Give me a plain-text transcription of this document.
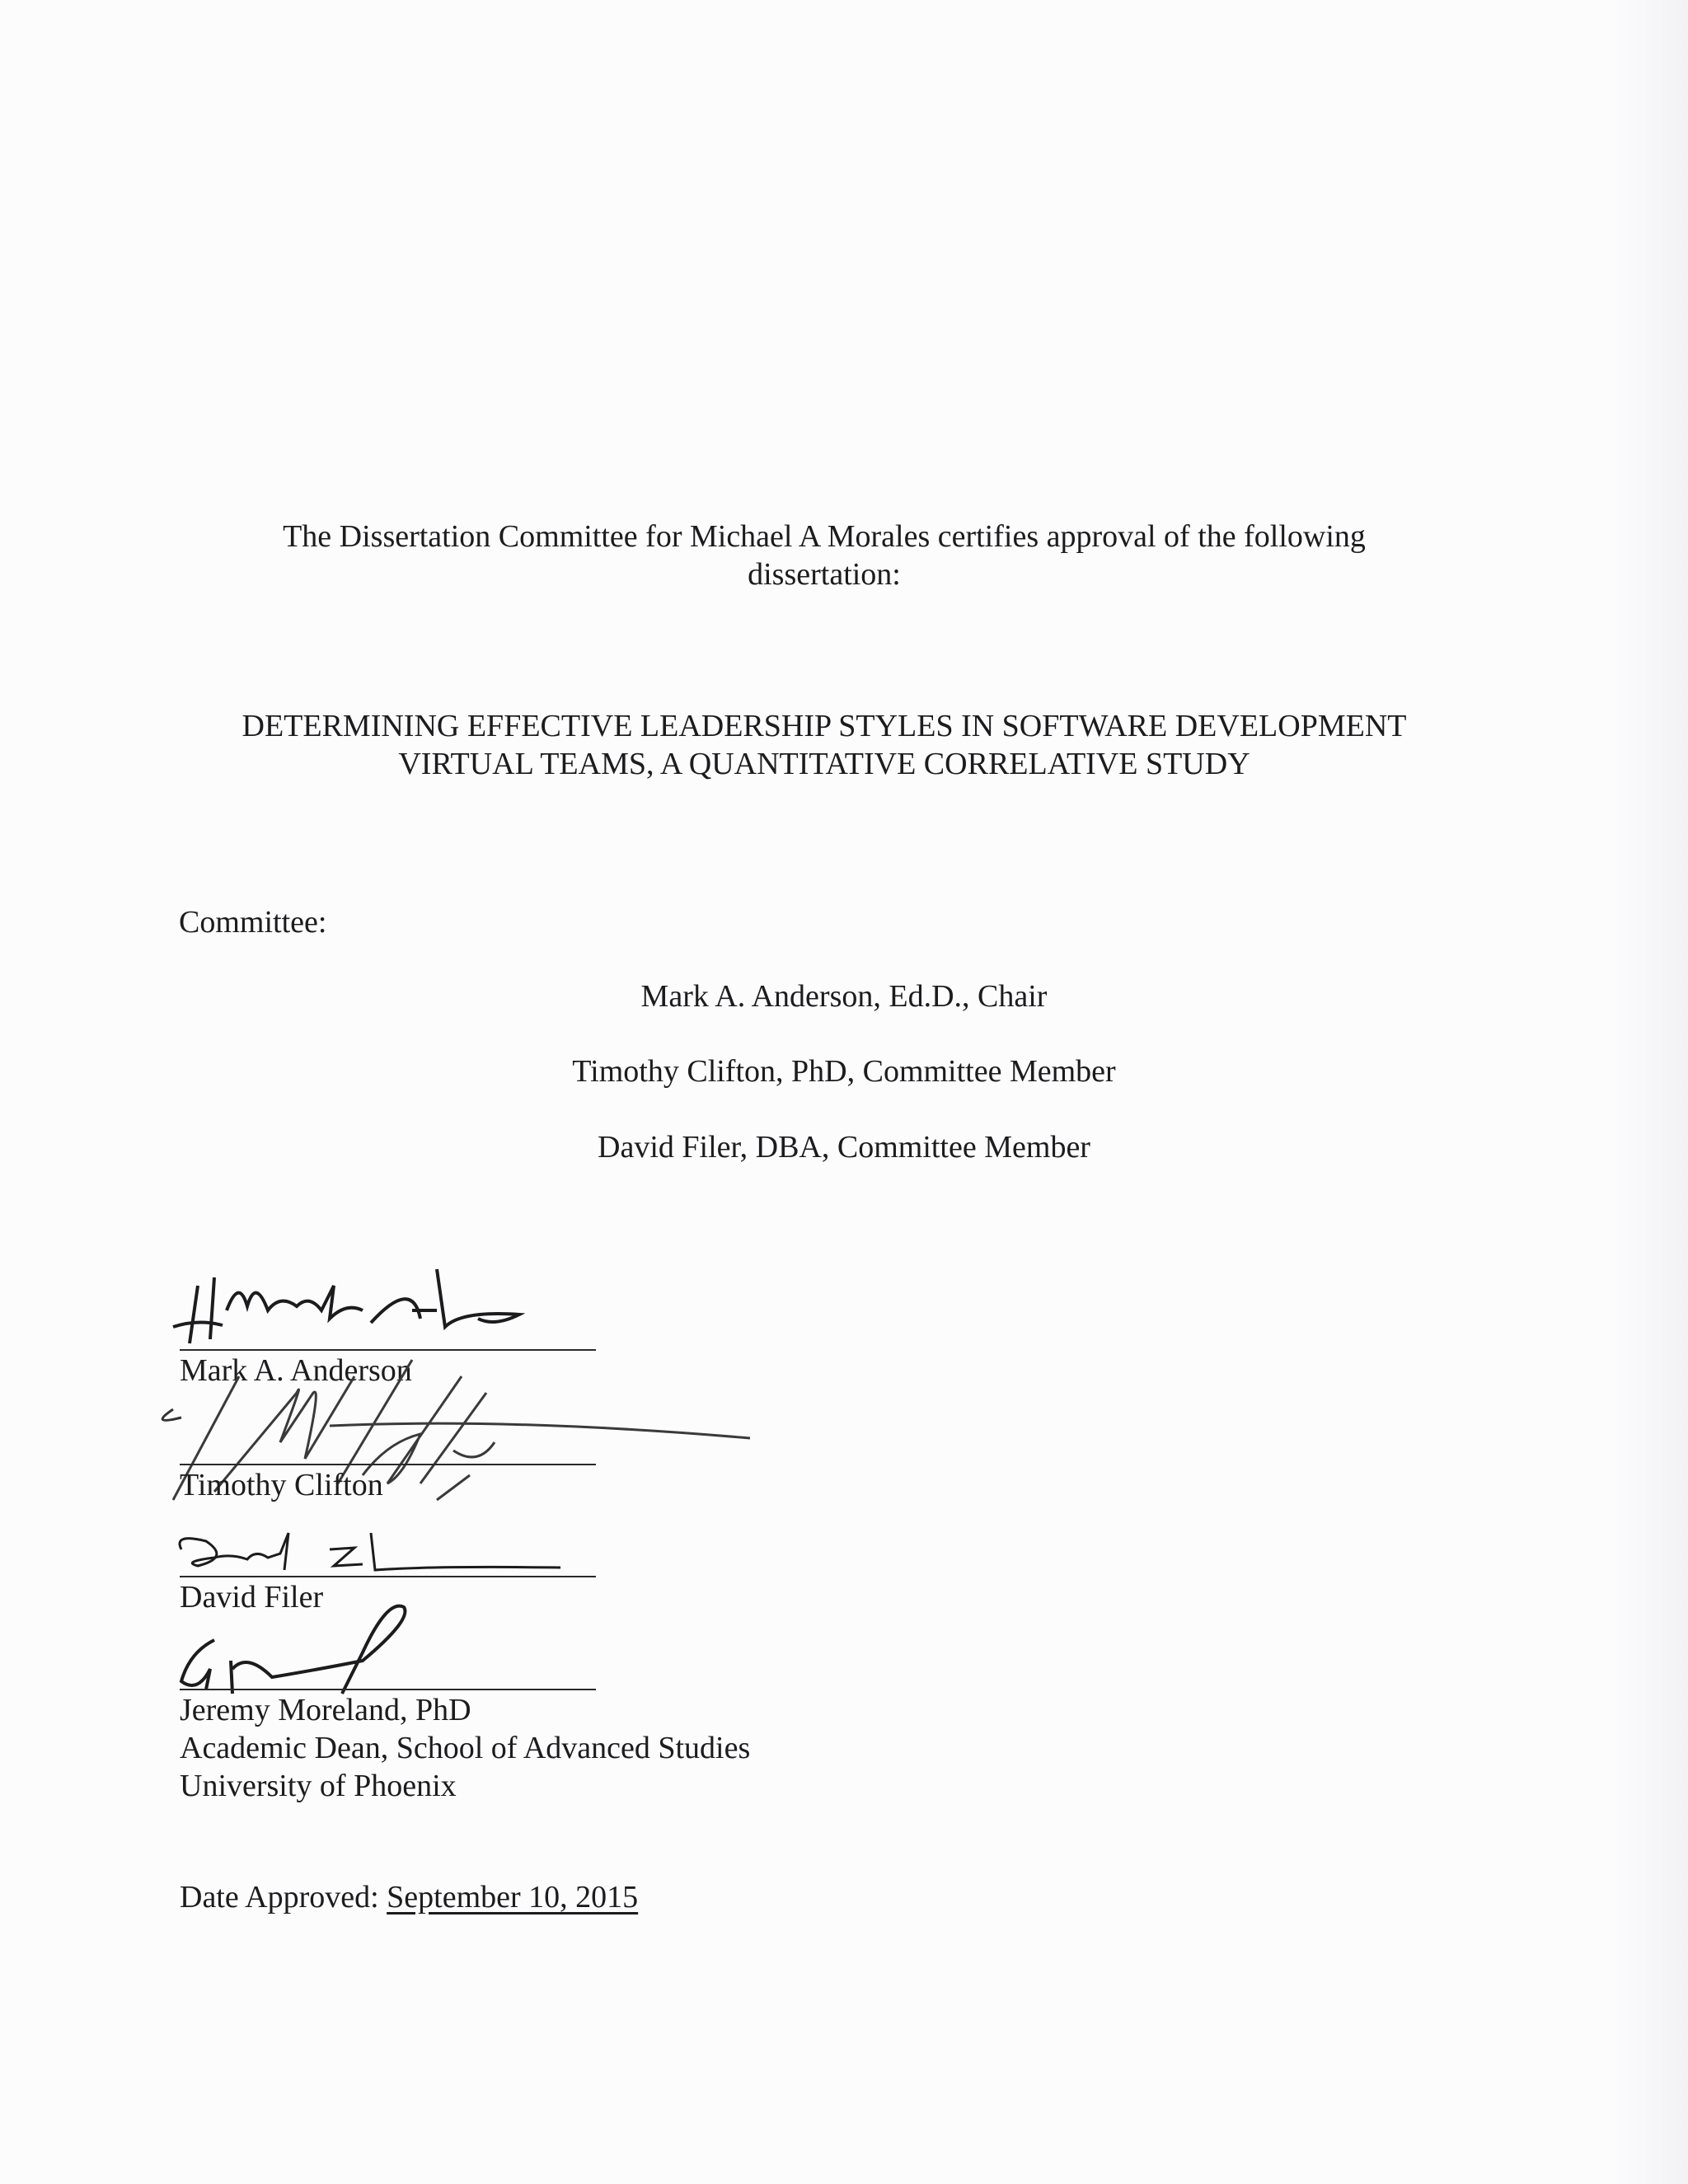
The Dissertation Committee for Michael A Morales certifies approval of the following dissertation:
DETERMINING EFFECTIVE LEADERSHIP STYLES IN SOFTWARE DEVELOPMENT
VIRTUAL TEAMS, A QUANTITATIVE CORRELATIVE STUDY
Committee:
Mark A. Anderson, Ed.D., Chair
Timothy Clifton, PhD, Committee Member
David Filer, DBA, Committee Member
Mark A. Anderson
Timothy Clifton
David Filer
Jeremy Moreland, PhD
Academic Dean, School of Advanced Studies
University of Phoenix
Date Approved: September 10, 2015
